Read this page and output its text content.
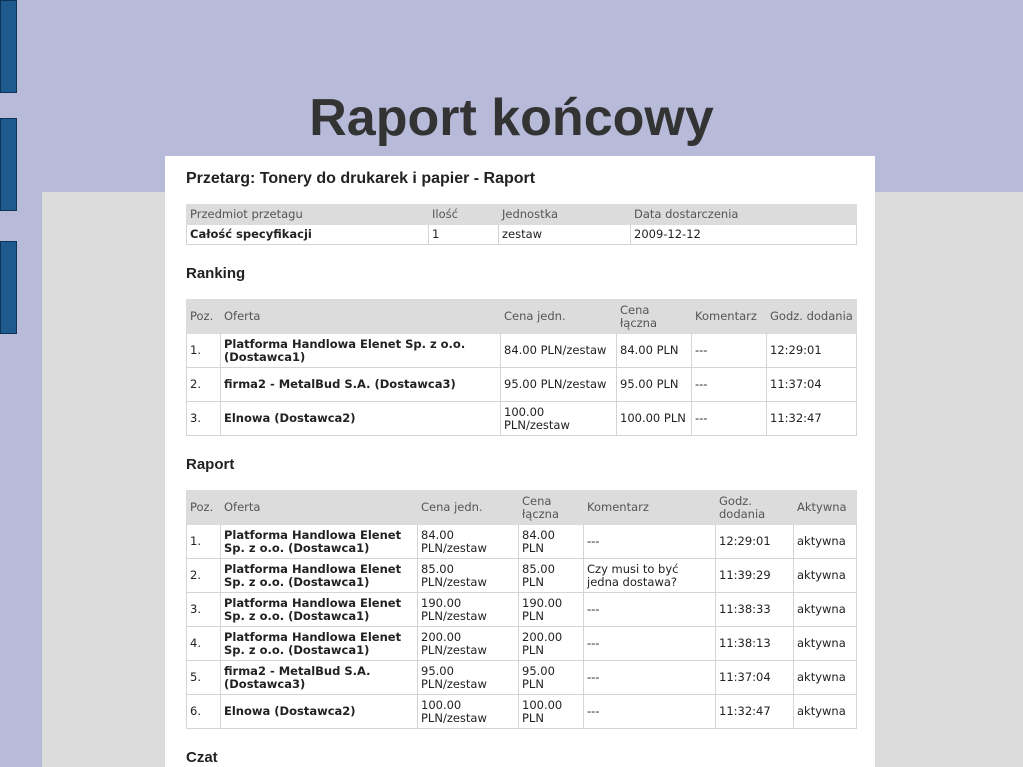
Raport końcowy
Przetarg: Tonery do drukarek i papier - Raport
Przedmiot przetagu	Ilość	Jednostka	Data dostarczenia
Całość specyfikacji	1	zestaw	2009-12-12
Ranking
Poz.	Oferta	Cena jedn.	Cena łączna	Komentarz	Godz. dodania
1.	Platforma Handlowa Elenet Sp. z o.o. (Dostawca1)	84.00 PLN/zestaw	84.00 PLN	---	12:29:01
2.	firma2 - MetalBud S.A. (Dostawca3)	95.00 PLN/zestaw	95.00 PLN	---	11:37:04
3.	Elnowa (Dostawca2)	100.00 PLN/zestaw	100.00 PLN	---	11:32:47
Raport
Poz.	Oferta	Cena jedn.	Cena łączna	Komentarz	Godz. dodania	Aktywna
1.	Platforma Handlowa Elenet Sp. z o.o. (Dostawca1)	84.00 PLN/zestaw	84.00 PLN	---	12:29:01	aktywna
2.	Platforma Handlowa Elenet Sp. z o.o. (Dostawca1)	85.00 PLN/zestaw	85.00 PLN	Czy musi to być jedna dostawa?	11:39:29	aktywna
3.	Platforma Handlowa Elenet Sp. z o.o. (Dostawca1)	190.00 PLN/zestaw	190.00 PLN	---	11:38:33	aktywna
4.	Platforma Handlowa Elenet Sp. z o.o. (Dostawca1)	200.00 PLN/zestaw	200.00 PLN	---	11:38:13	aktywna
5.	firma2 - MetalBud S.A. (Dostawca3)	95.00 PLN/zestaw	95.00 PLN	---	11:37:04	aktywna
6.	Elnowa (Dostawca2)	100.00 PLN/zestaw	100.00 PLN	---	11:32:47	aktywna
Czat
